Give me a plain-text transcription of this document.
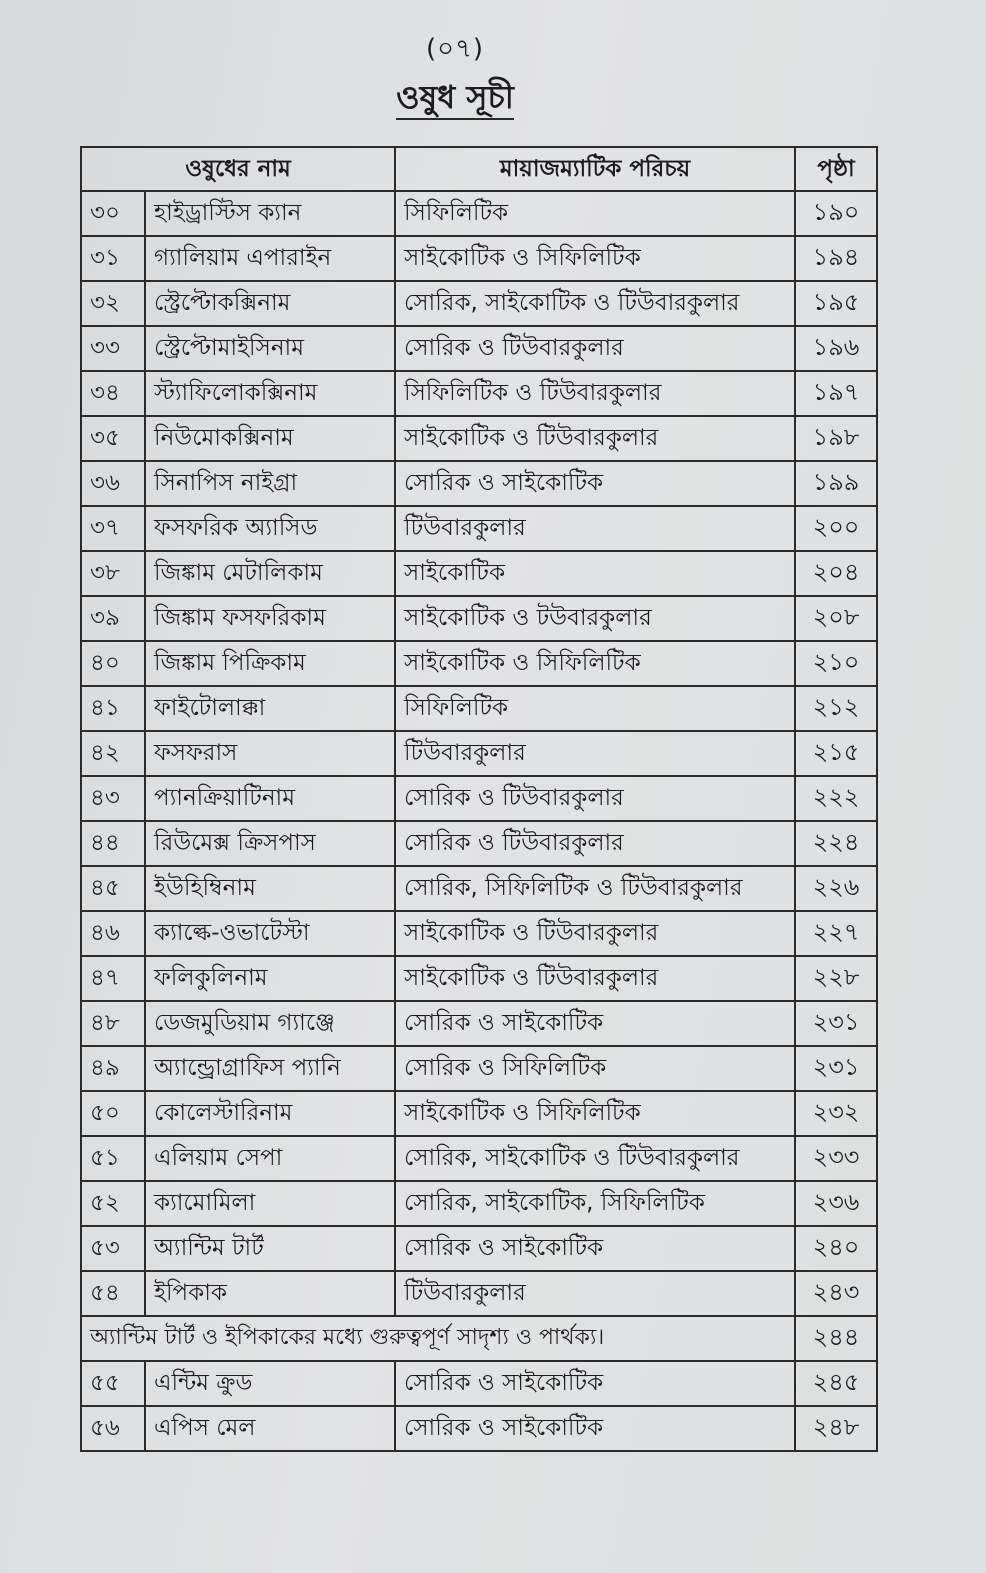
(০৭)
ওষুধ সূচী
ওষুধের নাম		মায়াজম্যাটিক পরিচয়	পৃষ্ঠা
৩০	হাইড্রাস্টিস ক্যান	সিফিলিটিক	১৯০
৩১	গ্যালিয়াম এপারাইন	সাইকোটিক ও সিফিলিটিক	১৯৪
৩২	স্ট্রেপ্টোকক্সিনাম	সোরিক, সাইকোটিক ও টিউবারকুলার	১৯৫
৩৩	স্ট্রেপ্টোমাইসিনাম	সোরিক ও টিউবারকুলার	১৯৬
৩৪	স্ট্যাফিলোকক্সিনাম	সিফিলিটিক ও টিউবারকুলার	১৯৭
৩৫	নিউমোকক্সিনাম	সাইকোটিক ও টিউবারকুলার	১৯৮
৩৬	সিনাপিস নাইগ্রা	সোরিক ও সাইকোটিক	১৯৯
৩৭	ফসফরিক অ্যাসিড	টিউবারকুলার	২০০
৩৮	জিঙ্কাম মেটালিকাম	সাইকোটিক	২০৪
৩৯	জিঙ্কাম ফসফরিকাম	সাইকোটিক ও টউবারকুলার	২০৮
৪০	জিঙ্কাম পিক্রিকাম	সাইকোটিক ও সিফিলিটিক	২১০
৪১	ফাইটোলাক্কা	সিফিলিটিক	২১২
৪২	ফসফরাস	টিউবারকুলার	২১৫
৪৩	প্যানক্রিয়াটিনাম	সোরিক ও টিউবারকুলার	২২২
৪৪	রিউমেক্স ক্রিসপাস	সোরিক ও টিউবারকুলার	২২৪
৪৫	ইউহিম্বিনাম	সোরিক, সিফিলিটিক ও টিউবারকুলার	২২৬
৪৬	ক্যাল্কে-ওভাটেস্টা	সাইকোটিক ও টিউবারকুলার	২২৭
৪৭	ফলিকুলিনাম	সাইকোটিক ও টিউবারকুলার	২২৮
৪৮	ডেজমুডিয়াম গ্যাঞ্জে	সোরিক ও সাইকোটিক	২৩১
৪৯	অ্যান্ড্রোগ্রাফিস প্যানি	সোরিক ও সিফিলিটিক	২৩১
৫০	কোলেস্টারিনাম	সাইকোটিক ও সিফিলিটিক	২৩২
৫১	এলিয়াম সেপা	সোরিক, সাইকোটিক ও টিউবারকুলার	২৩৩
৫২	ক্যামোমিলা	সোরিক, সাইকোটিক, সিফিলিটিক	২৩৬
৫৩	অ্যান্টিম টার্ট	সোরিক ও সাইকোটিক	২৪০
৫৪	ইপিকাক	টিউবারকুলার	২৪৩
অ্যান্টিম টার্ট ও ইপিকাকের মধ্যে গুরুত্বপূর্ণ সাদৃশ্য ও পার্থক্য।			২৪৪
৫৫	এন্টিম ক্রুড	সোরিক ও সাইকোটিক	২৪৫
৫৬	এপিস মেল	সোরিক ও সাইকোটিক	২৪৮
